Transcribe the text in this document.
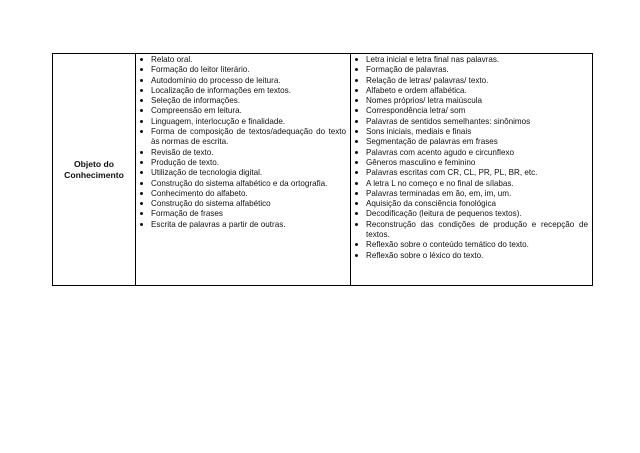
Objeto do
Conhecimento

Relato oral.
Formação do leitor literário.
Autodomínio do processo de leitura.
Localização de informações em textos.
Seleção de informações.
Compreensão em leitura.
Linguagem, interlocução e finalidade.
Forma de composição de textos/adequação do texto às normas de escrita.
Revisão de texto.
Produção de texto.
Utilização de tecnologia digital.
Construção do sistema alfabético e da ortografia.
Conhecimento do alfabeto.
Construção do sistema alfabético
Formação de frases
Escrita de palavras a partir de outras.

Letra inicial e letra final nas palavras.
Formação de palavras.
Relação de letras/ palavras/ texto.
Alfabeto e ordem alfabética.
Nomes próprios/ letra maiúscula
Correspondência letra/ som
Palavras de sentidos semelhantes: sinônimos
Sons iniciais, mediais e finais
Segmentação de palavras em frases
Palavras com acento agudo e circunflexo
Gêneros masculino e feminino
Palavras escritas com CR, CL, PR, PL, BR, etc.
A letra L no começo e no final de sílabas.
Palavras terminadas em ão, em, im, um.
Aquisição da consciência fonológica
Decodificação (leitura de pequenos textos).
Reconstrução das condições de produção e recepção de textos.
Reflexão sobre o conteúdo temático do texto.
Reflexão sobre o léxico do texto.
